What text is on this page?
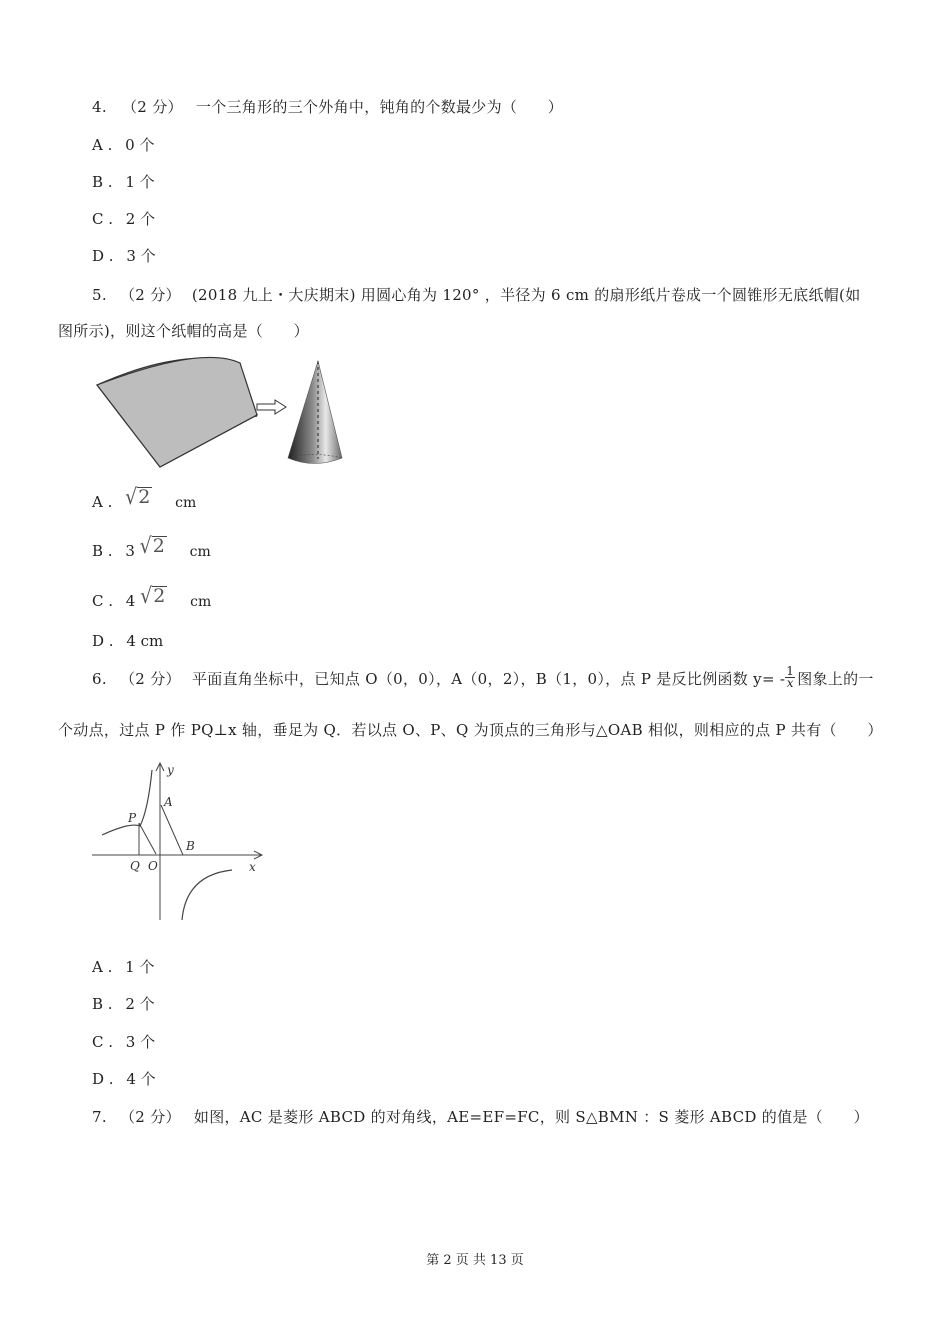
4. （2 分） 一个三角形的三个外角中，钝角的个数最少为（　　）
A . 0 个
B . 1 个
C . 2 个
D . 3 个
5. （2 分） (2018 九上・大庆期末) 用圆心角为 120° ，半径为 6 cm 的扇形纸片卷成一个圆锥形无底纸帽(如
图所示)，则这个纸帽的高是（　　）
A . √2 cm
B . 3 √2 cm
C . 4 √2 cm
D . 4 cm
6. （2 分） 平面直角坐标中，已知点 O（0，0），A（0，2），B（1，0），点 P 是反比例函数 $y= - \frac{1}{x}$ 图象上的一
个动点，过点 P 作 PQ⊥x 轴，垂足为 Q．若以点 O、P、Q 为顶点的三角形与△OAB 相似，则相应的点 P 共有（　　）
y
A
P
B
Q O	x
A . 1 个
B . 2 个
C . 3 个
D . 4 个
7. （2 分） 如图，AC 是菱形 ABCD 的对角线，AE=EF=FC，则 S△BMN ：S 菱形 ABCD 的值是（　　）
第 2 页 共 13 页
